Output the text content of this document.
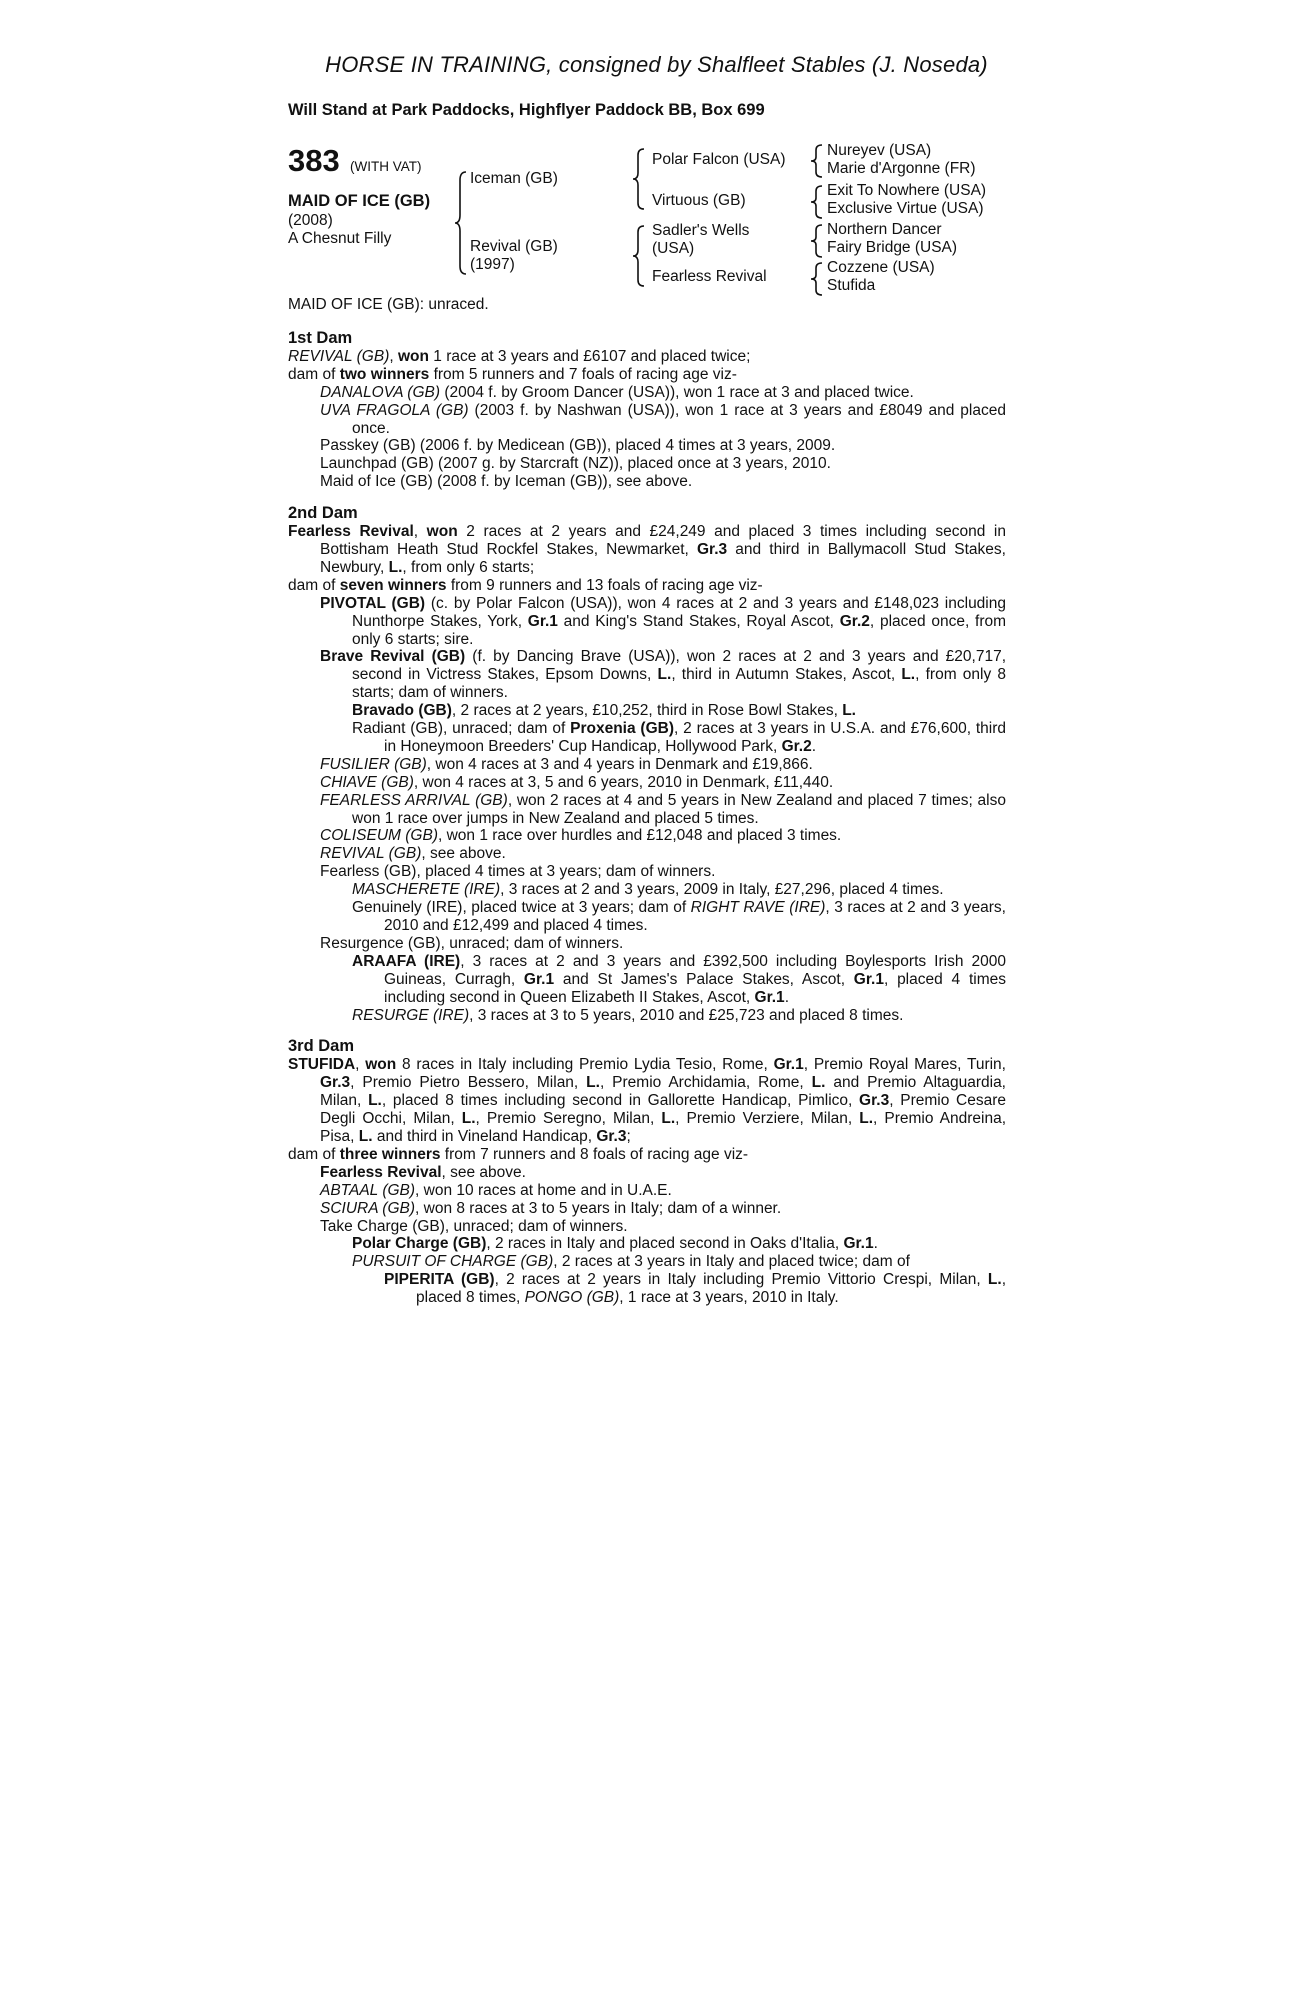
HORSE IN TRAINING, consigned by Shalfleet Stables (J. Noseda)
Will Stand at Park Paddocks, Highflyer Paddock BB, Box 699
383 (WITH VAT)
MAID OF ICE (GB)
(2008)
A Chesnut Filly
Iceman (GB)
Revival (GB)
(1997)
Polar Falcon (USA)
Virtuous (GB)
Sadler's Wells
(USA)
Fearless Revival
Nureyev (USA)
Marie d'Argonne (FR)
Exit To Nowhere (USA)
Exclusive Virtue (USA)
Northern Dancer
Fairy Bridge (USA)
Cozzene (USA)
Stufida
MAID OF ICE (GB): unraced.
1st Dam

REVIVAL (GB), won 1 race at 3 years and £6107 and placed twice;

dam of two winners from 5 runners and 7 foals of racing age viz-

DANALOVA (GB) (2004 f. by Groom Dancer (USA)), won 1 race at 3 and placed twice.

UVA FRAGOLA (GB) (2003 f. by Nashwan (USA)), won 1 race at 3 years and £8049 and placed once.

Passkey (GB) (2006 f. by Medicean (GB)), placed 4 times at 3 years, 2009.

Launchpad (GB) (2007 g. by Starcraft (NZ)), placed once at 3 years, 2010.

Maid of Ice (GB) (2008 f. by Iceman (GB)), see above.

2nd Dam

Fearless Revival, won 2 races at 2 years and £24,249 and placed 3 times including second in Bottisham Heath Stud Rockfel Stakes, Newmarket, Gr.3 and third in Ballymacoll Stud Stakes, Newbury, L., from only 6 starts;

dam of seven winners from 9 runners and 13 foals of racing age viz-

PIVOTAL (GB) (c. by Polar Falcon (USA)), won 4 races at 2 and 3 years and £148,023 including Nunthorpe Stakes, York, Gr.1 and King's Stand Stakes, Royal Ascot, Gr.2, placed once, from only 6 starts; sire.

Brave Revival (GB) (f. by Dancing Brave (USA)), won 2 races at 2 and 3 years and £20,717, second in Victress Stakes, Epsom Downs, L., third in Autumn Stakes, Ascot, L., from only 8 starts; dam of winners.

Bravado (GB), 2 races at 2 years, £10,252, third in Rose Bowl Stakes, L.

Radiant (GB), unraced; dam of Proxenia (GB), 2 races at 3 years in U.S.A. and £76,600, third in Honeymoon Breeders' Cup Handicap, Hollywood Park, Gr.2.

FUSILIER (GB), won 4 races at 3 and 4 years in Denmark and £19,866.

CHIAVE (GB), won 4 races at 3, 5 and 6 years, 2010 in Denmark, £11,440.

FEARLESS ARRIVAL (GB), won 2 races at 4 and 5 years in New Zealand and placed 7 times; also won 1 race over jumps in New Zealand and placed 5 times.

COLISEUM (GB), won 1 race over hurdles and £12,048 and placed 3 times.

REVIVAL (GB), see above.

Fearless (GB), placed 4 times at 3 years; dam of winners.

MASCHERETE (IRE), 3 races at 2 and 3 years, 2009 in Italy, £27,296, placed 4 times.

Genuinely (IRE), placed twice at 3 years; dam of RIGHT RAVE (IRE), 3 races at 2 and 3 years, 2010 and £12,499 and placed 4 times.

Resurgence (GB), unraced; dam of winners.

ARAAFA (IRE), 3 races at 2 and 3 years and £392,500 including Boylesports Irish 2000 Guineas, Curragh, Gr.1 and St James's Palace Stakes, Ascot, Gr.1, placed 4 times including second in Queen Elizabeth II Stakes, Ascot, Gr.1.

RESURGE (IRE), 3 races at 3 to 5 years, 2010 and £25,723 and placed 8 times.

3rd Dam

STUFIDA, won 8 races in Italy including Premio Lydia Tesio, Rome, Gr.1, Premio Royal Mares, Turin, Gr.3, Premio Pietro Bessero, Milan, L., Premio Archidamia, Rome, L. and Premio Altaguardia, Milan, L., placed 8 times including second in Gallorette Handicap, Pimlico, Gr.3, Premio Cesare Degli Occhi, Milan, L., Premio Seregno, Milan, L., Premio Verziere, Milan, L., Premio Andreina, Pisa, L. and third in Vineland Handicap, Gr.3;

dam of three winners from 7 runners and 8 foals of racing age viz-

Fearless Revival, see above.

ABTAAL (GB), won 10 races at home and in U.A.E.

SCIURA (GB), won 8 races at 3 to 5 years in Italy; dam of a winner.

Take Charge (GB), unraced; dam of winners.

Polar Charge (GB), 2 races in Italy and placed second in Oaks d'Italia, Gr.1.

PURSUIT OF CHARGE (GB), 2 races at 3 years in Italy and placed twice; dam of

PIPERITA (GB), 2 races at 2 years in Italy including Premio Vittorio Crespi, Milan, L., placed 8 times, PONGO (GB), 1 race at 3 years, 2010 in Italy.
